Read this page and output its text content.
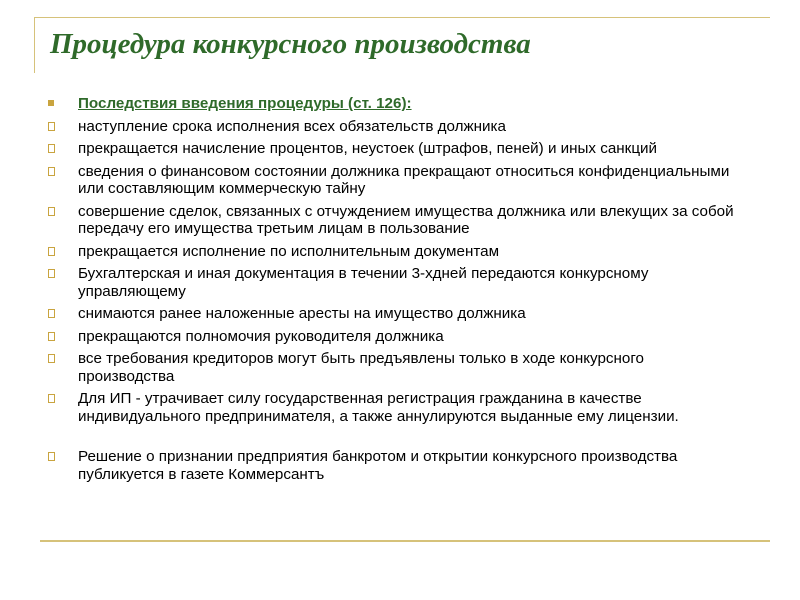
Процедура конкурсного производства
Последствия введения процедуры (ст. 126):
наступление срока исполнения всех обязательств должника
прекращается начисление процентов, неустоек (штрафов, пеней) и иных санкций
сведения о финансовом состоянии должника прекращают относиться конфиденциальными или составляющим коммерческую тайну
совершение сделок, связанных с отчуждением имущества должника или влекущих за собой передачу его имущества третьим лицам в пользование
прекращается исполнение по исполнительным документам
Бухгалтерская и иная документация в течении 3-хдней передаются конкурсному управляющему
снимаются ранее наложенные аресты на имущество должника
прекращаются полномочия руководителя должника
все требования кредиторов могут быть предъявлены только в ходе конкурсного производства
Для ИП - утрачивает силу государственная регистрация гражданина в качестве индивидуального предпринимателя, а также аннулируются выданные ему лицензии.
Решение о признании предприятия банкротом и открытии конкурсного производства публикуется в газете Коммерсантъ
